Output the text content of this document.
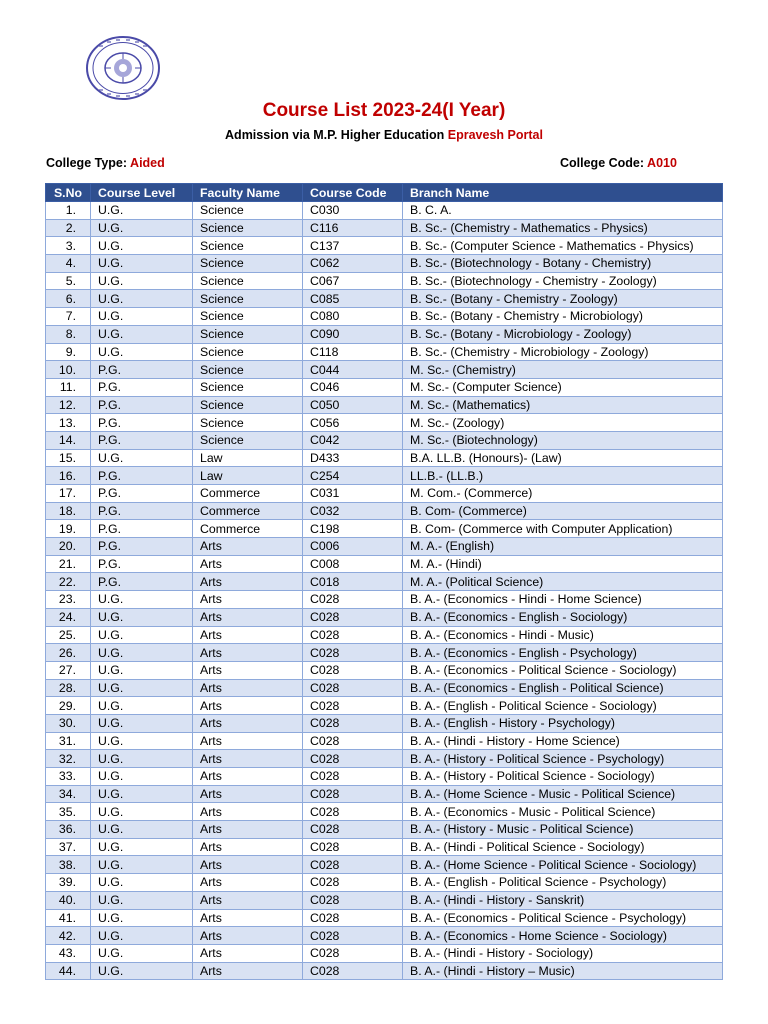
Course List 2023-24(I Year)
Admission via M.P. Higher Education Epravesh Portal
College Type: Aided	College Code: A010
S.No	Course Level	Faculty Name	Course Code	Branch Name
1.	U.G.	Science	C030	B. C. A.
2.	U.G.	Science	C116	B. Sc.- (Chemistry - Mathematics - Physics)
3.	U.G.	Science	C137	B. Sc.- (Computer Science - Mathematics - Physics)
4.	U.G.	Science	C062	B. Sc.- (Biotechnology - Botany - Chemistry)
5.	U.G.	Science	C067	B. Sc.- (Biotechnology - Chemistry - Zoology)
6.	U.G.	Science	C085	B. Sc.- (Botany - Chemistry - Zoology)
7.	U.G.	Science	C080	B. Sc.- (Botany - Chemistry - Microbiology)
8.	U.G.	Science	C090	B. Sc.- (Botany - Microbiology - Zoology)
9.	U.G.	Science	C118	B. Sc.- (Chemistry - Microbiology - Zoology)
10.	P.G.	Science	C044	M. Sc.- (Chemistry)
11.	P.G.	Science	C046	M. Sc.- (Computer Science)
12.	P.G.	Science	C050	M. Sc.- (Mathematics)
13.	P.G.	Science	C056	M. Sc.- (Zoology)
14.	P.G.	Science	C042	M. Sc.- (Biotechnology)
15.	U.G.	Law	D433	B.A. LL.B. (Honours)- (Law)
16.	P.G.	Law	C254	LL.B.- (LL.B.)
17.	P.G.	Commerce	C031	M. Com.- (Commerce)
18.	P.G.	Commerce	C032	B. Com- (Commerce)
19.	P.G.	Commerce	C198	B. Com- (Commerce with Computer Application)
20.	P.G.	Arts	C006	M. A.- (English)
21.	P.G.	Arts	C008	M. A.- (Hindi)
22.	P.G.	Arts	C018	M. A.- (Political Science)
23.	U.G.	Arts	C028	B. A.- (Economics - Hindi - Home Science)
24.	U.G.	Arts	C028	B. A.- (Economics - English - Sociology)
25.	U.G.	Arts	C028	B. A.- (Economics - Hindi - Music)
26.	U.G.	Arts	C028	B. A.- (Economics - English - Psychology)
27.	U.G.	Arts	C028	B. A.- (Economics - Political Science - Sociology)
28.	U.G.	Arts	C028	B. A.- (Economics - English - Political Science)
29.	U.G.	Arts	C028	B. A.- (English - Political Science - Sociology)
30.	U.G.	Arts	C028	B. A.- (English - History - Psychology)
31.	U.G.	Arts	C028	B. A.- (Hindi - History - Home Science)
32.	U.G.	Arts	C028	B. A.- (History - Political Science - Psychology)
33.	U.G.	Arts	C028	B. A.- (History - Political Science - Sociology)
34.	U.G.	Arts	C028	B. A.- (Home Science - Music - Political Science)
35.	U.G.	Arts	C028	B. A.- (Economics - Music - Political Science)
36.	U.G.	Arts	C028	B. A.- (History - Music - Political Science)
37.	U.G.	Arts	C028	B. A.- (Hindi - Political Science - Sociology)
38.	U.G.	Arts	C028	B. A.- (Home Science - Political Science - Sociology)
39.	U.G.	Arts	C028	B. A.- (English - Political Science - Psychology)
40.	U.G.	Arts	C028	B. A.- (Hindi - History - Sanskrit)
41.	U.G.	Arts	C028	B. A.- (Economics - Political Science - Psychology)
42.	U.G.	Arts	C028	B. A.- (Economics - Home Science - Sociology)
43.	U.G.	Arts	C028	B. A.- (Hindi - History - Sociology)
44.	U.G.	Arts	C028	B. A.- (Hindi - History – Music)
